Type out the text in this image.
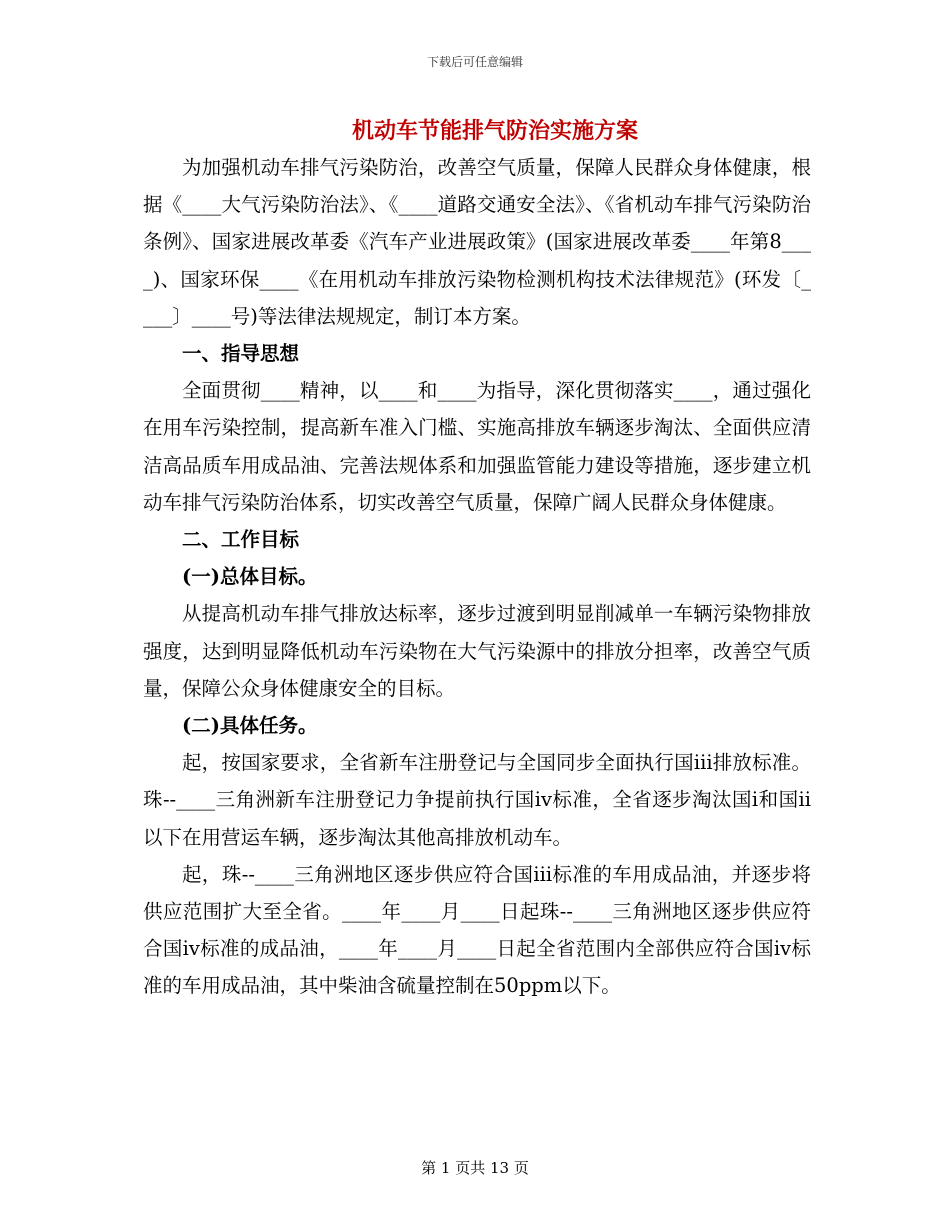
下载后可任意编辑
机动车节能排气防治实施方案

为加强机动车排气污染防治，改善空气质量，保障人民群众身体健康，根据《____大气污染防治法》、《____道路交通安全法》、《省机动车排气污染防治条例》、国家进展改革委《汽车产业进展政策》(国家进展改革委____年第8____)、国家环保____《在用机动车排放污染物检测机构技术法律规范》(环发〔____〕____号)等法律法规规定，制订本方案。

一、指导思想

全面贯彻____精神，以____和____为指导，深化贯彻落实____，通过强化在用车污染控制，提高新车准入门槛、实施高排放车辆逐步淘汰、全面供应清洁高品质车用成品油、完善法规体系和加强监管能力建设等措施，逐步建立机动车排气污染防治体系，切实改善空气质量，保障广阔人民群众身体健康。

二、工作目标

(一)总体目标。

从提高机动车排气排放达标率，逐步过渡到明显削减单一车辆污染物排放强度，达到明显降低机动车污染物在大气污染源中的排放分担率，改善空气质量，保障公众身体健康安全的目标。

(二)具体任务。

起，按国家要求，全省新车注册登记与全国同步全面执行国iii排放标准。珠--____三角洲新车注册登记力争提前执行国iv标准，全省逐步淘汰国i和国ii以下在用营运车辆，逐步淘汰其他高排放机动车。

起，珠--____三角洲地区逐步供应符合国iii标准的车用成品油，并逐步将供应范围扩大至全省。____年____月____日起珠--____三角洲地区逐步供应符合国iv标准的成品油，____年____月____日起全省范围内全部供应符合国iv标准的车用成品油，其中柴油含硫量控制在50ppm以下。

第 1 页共 13 页
